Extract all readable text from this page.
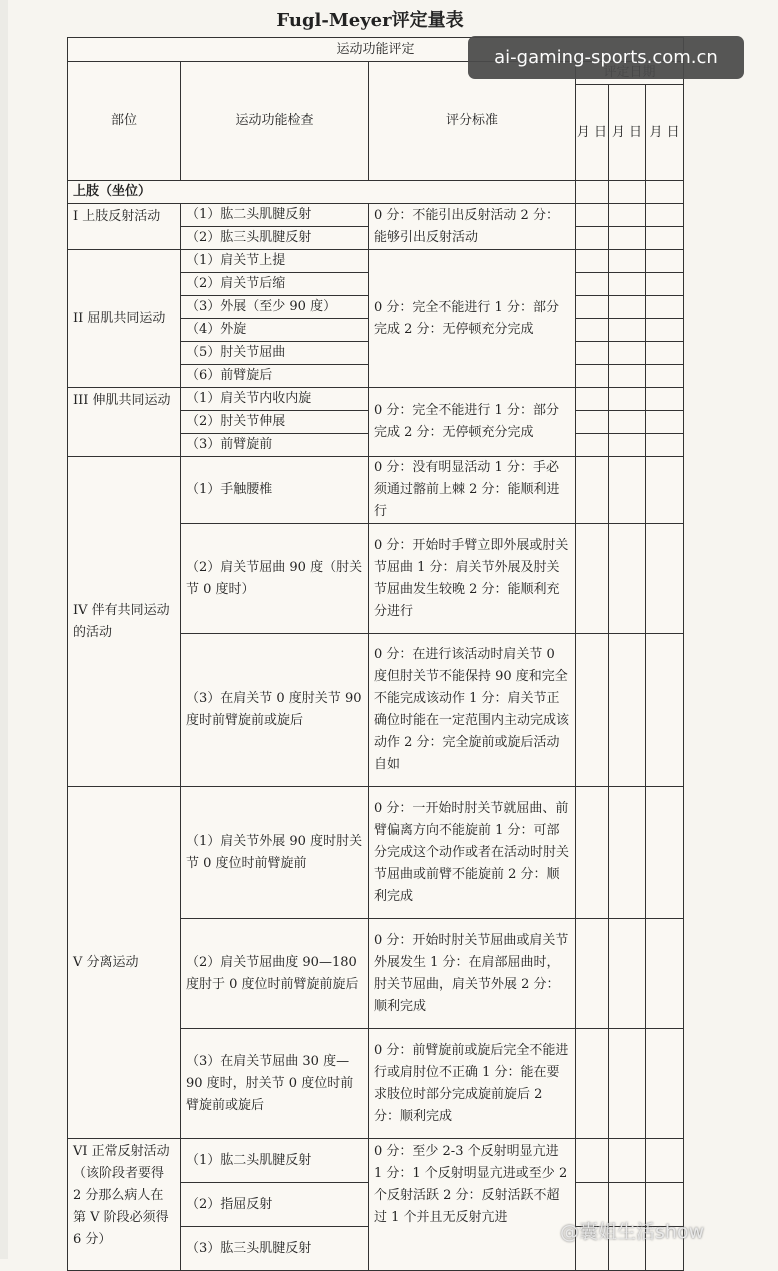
Fugl-Meyer评定量表
运动功能评定					
部位	运动功能检查	评分标准	
			月 日	月 日	月 日
上肢（坐位）					
I 上肢反射活动	（1）肱二头肌腱反射	0 分：不能引出反射活动 2 分：能够引出反射活动			
	（2）肱三头肌腱反射				
II 屈肌共同运动	（1）肩关节上提	0 分：完全不能进行 1 分：部分完成 2 分：无停顿充分完成			
	（2）肩关节后缩				
	（3）外展（至少 90 度）				
	（4）外旋				
	（5）肘关节屈曲				
	（6）前臂旋后				
III 伸肌共同运动	（1）肩关节内收内旋	0 分：完全不能进行 1 分：部分完成 2 分：无停顿充分完成			
	（2）肘关节伸展				
	（3）前臂旋前				
IV 伴有共同运动的活动	（1）手触腰椎	0 分：没有明显活动 1 分：手必须通过髂前上棘 2 分：能顺利进行			
	（2）肩关节屈曲 90 度（肘关节 0 度时）	0 分：开始时手臂立即外展或肘关节屈曲 1 分：肩关节外展及肘关节屈曲发生较晚 2 分：能顺利充分进行			
	（3）在肩关节 0 度肘关节 90 度时前臂旋前或旋后	0 分：在进行该活动时肩关节 0 度但肘关节不能保持 90 度和完全不能完成该动作 1 分：肩关节正确位时能在一定范围内主动完成该动作 2 分：完全旋前或旋后活动自如			
V 分离运动	（1）肩关节外展 90 度时肘关节 0 度位时前臂旋前	0 分：一开始时肘关节就屈曲、前臂偏离方向不能旋前 1 分：可部分完成这个动作或者在活动时肘关节屈曲或前臂不能旋前 2 分：顺利完成			
	（2）肩关节屈曲度 90—180 度肘于 0 度位时前臂旋前旋后	0 分：开始时肘关节屈曲或肩关节外展发生 1 分：在肩部屈曲时，肘关节屈曲，肩关节外展 2 分：顺利完成			
	（3）在肩关节屈曲 30 度—90 度时，肘关节 0 度位时前臂旋前或旋后	0 分：前臂旋前或旋后完全不能进行或肩肘位不正确 1 分：能在要求肢位时部分完成旋前旋后 2 分：顺利完成			
VI 正常反射活动（该阶段者要得 2 分那么病人在第 V 阶段必须得 6 分）	（1）肱二头肌腱反射	0 分：至少 2-3 个反射明显亢进 1 分：1 个反射明显亢进或至少 2 个反射活跃 2 分：反射活跃不超过 1 个并且无反射亢进			
	（2）指屈反射				
	（3）肱三头肌腱反射				
ai-gaming-sports.com.cn
@囊姐生活show
